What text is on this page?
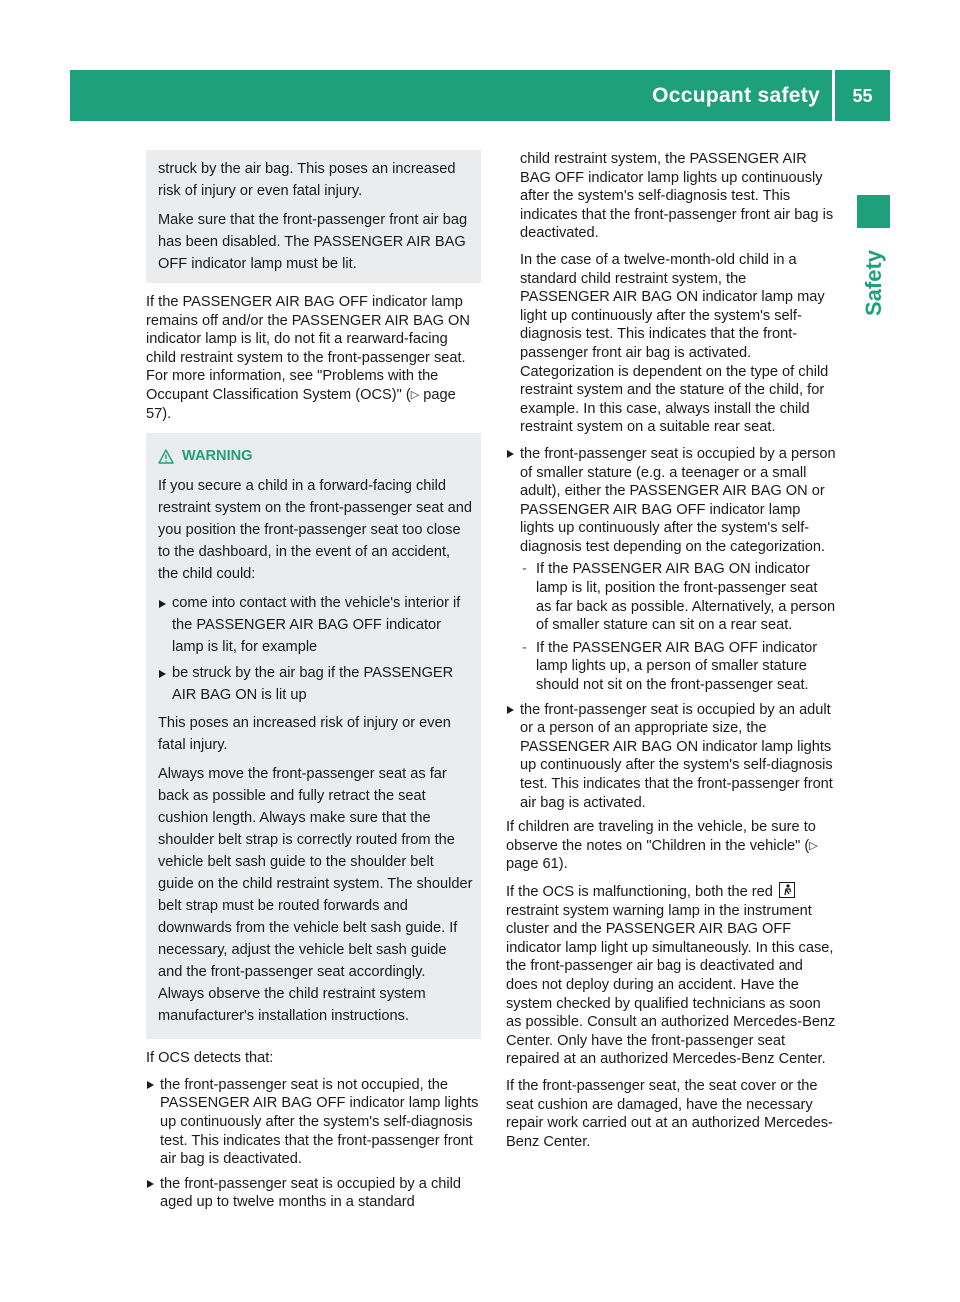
Occupant safety	55
Safety

struck by the air bag. This poses an increased risk of injury or even fatal injury.

Make sure that the front-passenger front air bag has been disabled. The PASSENGER AIR BAG OFF indicator lamp must be lit.

If the PASSENGER AIR BAG OFF indicator lamp remains off and/or the PASSENGER AIR BAG ON indicator lamp is lit, do not fit a rearward-facing child restraint system to the front-passenger seat. For more information, see "Problems with the Occupant Classification System (OCS)" (▷ page 57).

WARNING

If you secure a child in a forward-facing child restraint system on the front-passenger seat and you position the front-passenger seat too close to the dashboard, in the event of an accident, the child could:

come into contact with the vehicle's interior if the PASSENGER AIR BAG OFF indicator lamp is lit, for example
be struck by the air bag if the PASSENGER AIR BAG ON is lit up

This poses an increased risk of injury or even fatal injury.

Always move the front-passenger seat as far back as possible and fully retract the seat cushion length. Always make sure that the shoulder belt strap is correctly routed from the vehicle belt sash guide to the shoulder belt guide on the child restraint system. The shoulder belt strap must be routed forwards and downwards from the vehicle belt sash guide. If necessary, adjust the vehicle belt sash guide and the front-passenger seat accordingly. Always observe the child restraint system manufacturer's installation instructions.

If OCS detects that:

the front-passenger seat is not occupied, the PASSENGER AIR BAG OFF indicator lamp lights up continuously after the system's self-diagnosis test. This indicates that the front-passenger front air bag is deactivated.
the front-passenger seat is occupied by a child aged up to twelve months in a standard

child restraint system, the PASSENGER AIR BAG OFF indicator lamp lights up continuously after the system's self-diagnosis test. This indicates that the front-passenger front air bag is deactivated.

In the case of a twelve-month-old child in a standard child restraint system, the PASSENGER AIR BAG ON indicator lamp may light up continuously after the system's self-diagnosis test. This indicates that the front-passenger front air bag is activated. Categorization is dependent on the type of child restraint system and the stature of the child, for example. In this case, always install the child restraint system on a suitable rear seat.

the front-passenger seat is occupied by a person of smaller stature (e.g. a teenager or a small adult), either the PASSENGER AIR BAG ON or PASSENGER AIR BAG OFF indicator lamp lights up continuously after the system's self-diagnosis test depending on the categorization.
- If the PASSENGER AIR BAG ON indicator lamp is lit, position the front-passenger seat as far back as possible. Alternatively, a person of smaller stature can sit on a rear seat.
- If the PASSENGER AIR BAG OFF indicator lamp lights up, a person of smaller stature should not sit on the front-passenger seat.
the front-passenger seat is occupied by an adult or a person of an appropriate size, the PASSENGER AIR BAG ON indicator lamp lights up continuously after the system's self-diagnosis test. This indicates that the front-passenger front air bag is activated.

If children are traveling in the vehicle, be sure to observe the notes on "Children in the vehicle" (▷ page 61).

If the OCS is malfunctioning, both the red  restraint system warning lamp in the instrument cluster and the PASSENGER AIR BAG OFF indicator lamp light up simultaneously. In this case, the front-passenger air bag is deactivated and does not deploy during an accident. Have the system checked by qualified technicians as soon as possible. Consult an authorized Mercedes-Benz Center. Only have the front-passenger seat repaired at an authorized Mercedes-Benz Center.

If the front-passenger seat, the seat cover or the seat cushion are damaged, have the necessary repair work carried out at an authorized Mercedes-Benz Center.
